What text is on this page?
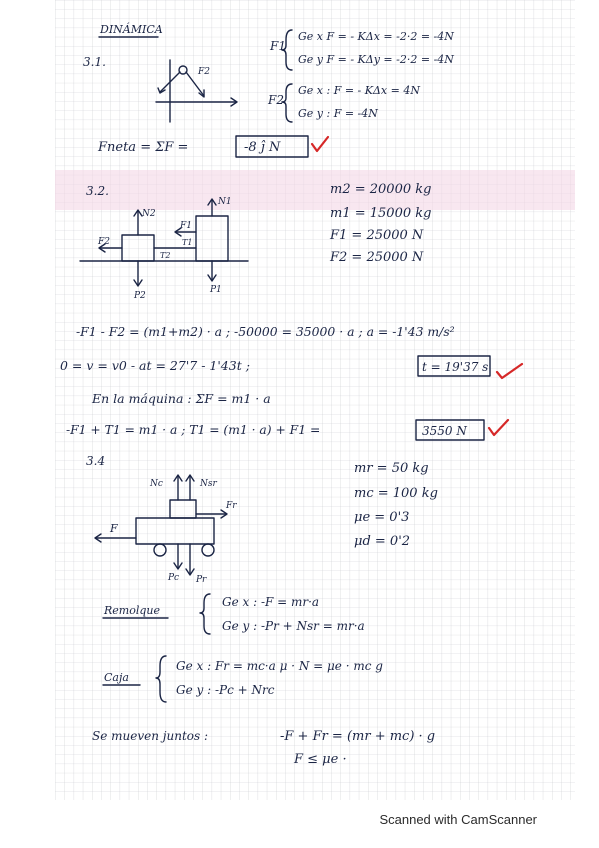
DINÁMICA
3.1.
F2
F1
Ge x F = - KΔx = -2·2 = -4N
Ge y F = - KΔy = -2·2 = -4N
F2
Ge x : F = - KΔx = 4N
Ge y : F = -4N
Fneta = ΣF =	-8 ĵ N
3.2.
N2
N1
F2
F1
T1
T2
P2
P1
m2 = 20000 kg
m1 = 15000 kg
F1 = 25000 N
F2 = 25000 N
-F1 - F2 = (m1+m2) · a ; -50000 = 35000 · a ; a = -1'43 m/s²
0 = v = v0 - at = 27'7 - 1'43t ;	t = 19'37 s
En la máquina : ΣF = m1 · a
-F1 + T1 = m1 · a ; T1 = (m1 · a) + F1 =	3550 N
3.4
Nc	Nsr
Fr
F
Pc Pr
mr = 50 kg
mc = 100 kg
μe = 0'3
μd = 0'2
Remolque
Ge x : -F = mr·a
Ge y : -Pr + Nsr = mr·a
Caja
Ge x : Fr = mc·a μ · N = μe · mc g
Ge y : -Pc + Nrc
Se mueven juntos :	-F + Fr = (mr + mc) · g
F ≤ μe ·
Scanned with CamScanner
